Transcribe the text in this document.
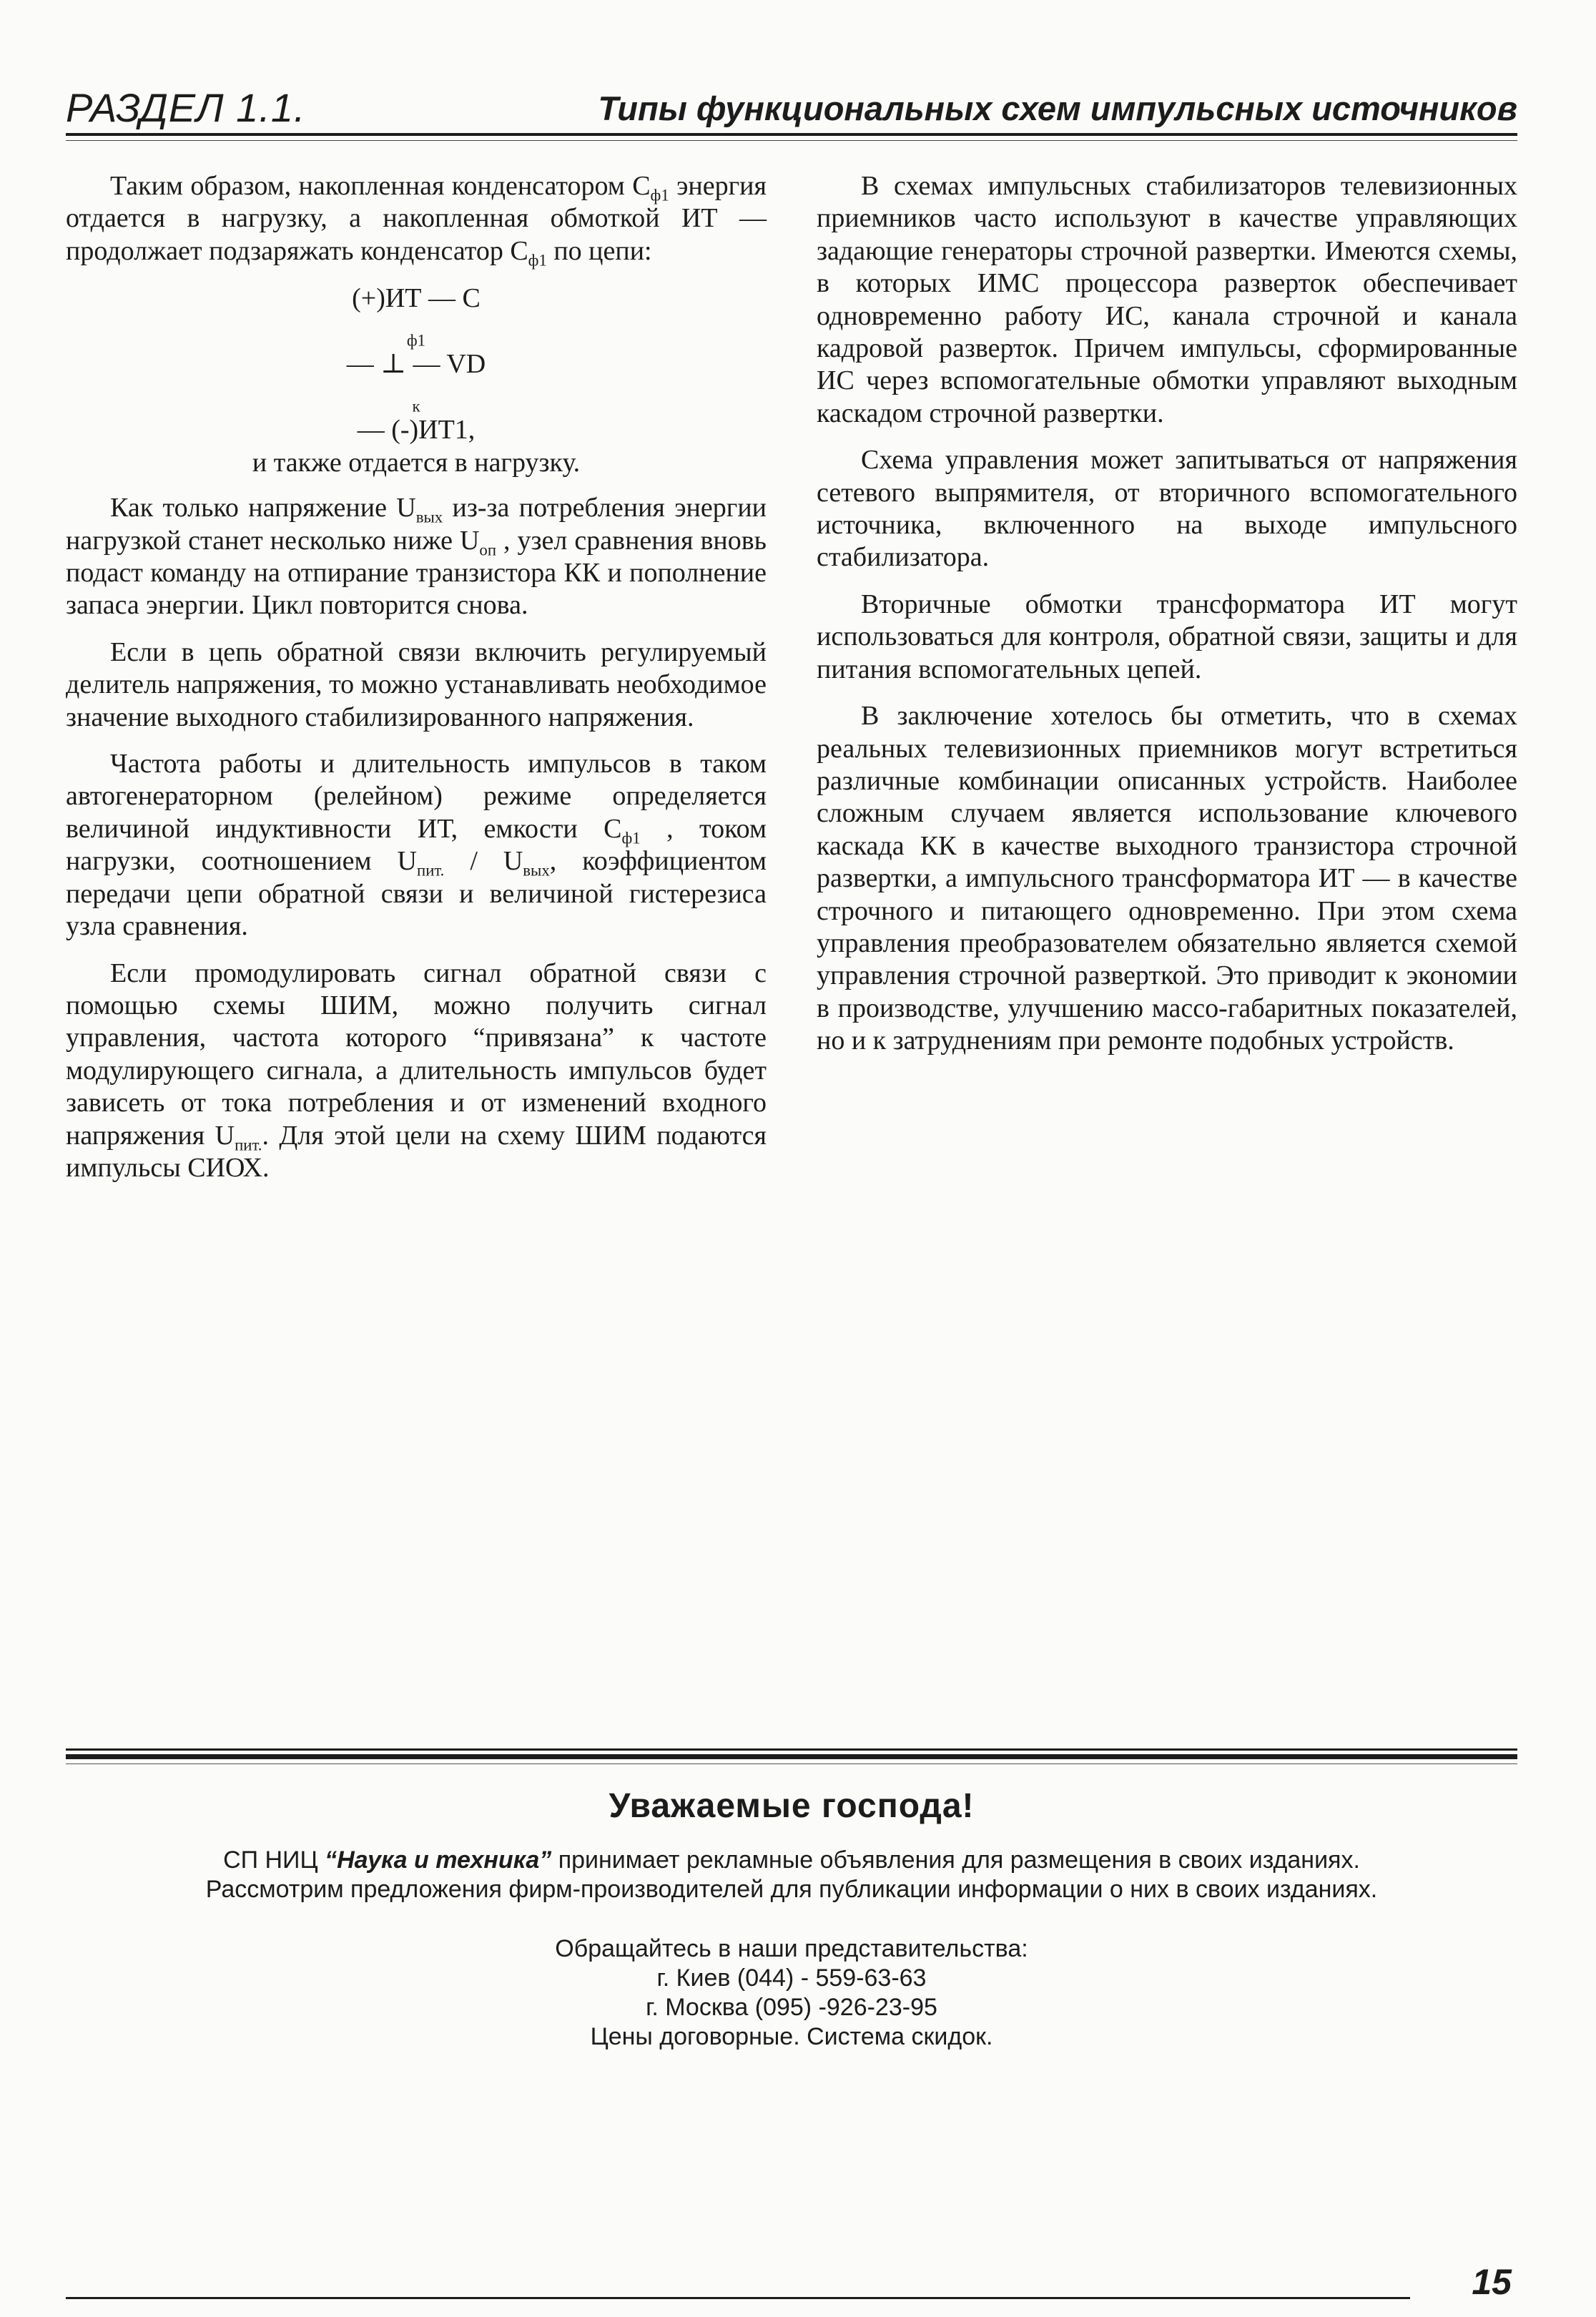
РАЗДЕЛ 1.1.	Типы функциональных схем импульсных источников

Таким образом, накопленная конденсатором $С_{ф1}$ энергия отдается в нагрузку, а накопленная обмоткой ИТ — продолжает подзаряжать конденсатор $С_{ф1}$ по цепи:

(+)ИТ — С
$_{ф1}$
— ⊥ — VD
$_к$
— (-)ИТ1,
и также отдается в нагрузку.

Как только напряжение $U_{вых}$ из-за потребления энергии нагрузкой станет несколько ниже $U_{оп}$ , узел сравнения вновь подаст команду на отпирание транзистора КК и пополнение запаса энергии. Цикл повторится снова.

Если в цепь обратной связи включить регулируемый делитель напряжения, то можно устанавливать необходимое значение выходного стабилизированного напряжения.

Частота работы и длительность импульсов в таком автогенераторном (релейном) режиме определяется величиной индуктивности ИТ, емкости $С_{ф1}$ , током нагрузки, соотношением $U_{пит.} / U_{вых}$, коэффициентом передачи цепи обратной связи и величиной гистерезиса узла сравнения.

Если промодулировать сигнал обратной связи с помощью схемы ШИМ, можно получить сигнал управления, частота которого “привязана” к частоте модулирующего сигнала, а длительность импульсов будет зависеть от тока потребления и от изменений входного напряжения $U_{пит.}$. Для этой цели на схему ШИМ подаются импульсы СИОХ.

В схемах импульсных стабилизаторов телевизионных приемников часто используют в качестве управляющих задающие генераторы строчной развертки. Имеются схемы, в которых ИМС процессора разверток обеспечивает одновременно работу ИС, канала строчной и канала кадровой разверток. Причем импульсы, сформированные ИС через вспомогательные обмотки управляют выходным каскадом строчной развертки.

Схема управления может запитываться от напряжения сетевого выпрямителя, от вторичного вспомогательного источника, включенного на выходе импульсного стабилизатора.

Вторичные обмотки трансформатора ИТ могут использоваться для контроля, обратной связи, защиты и для питания вспомогательных цепей.

В заключение хотелось бы отметить, что в схемах реальных телевизионных приемников могут встретиться различные комбинации описанных устройств. Наиболее сложным случаем является использование ключевого каскада КК в качестве выходного транзистора строчной развертки, а импульсного трансформатора ИТ — в качестве строчного и питающего одновременно. При этом схема управления преобразователем обязательно является схемой управления строчной разверткой. Это приводит к экономии в производстве, улучшению массо-габаритных показателей, но и к затруднениям при ремонте подобных устройств.

Уважаемые господа!
СП НИЦ “Наука и техника” принимает рекламные объявления для размещения в своих изданиях. Рассмотрим предложения фирм-производителей для публикации информации о них в своих изданиях.
Обращайтесь в наши представительства:
г. Киев (044) - 559-63-63
г. Москва (095) -926-23-95
Цены договорные. Система скидок.
15
